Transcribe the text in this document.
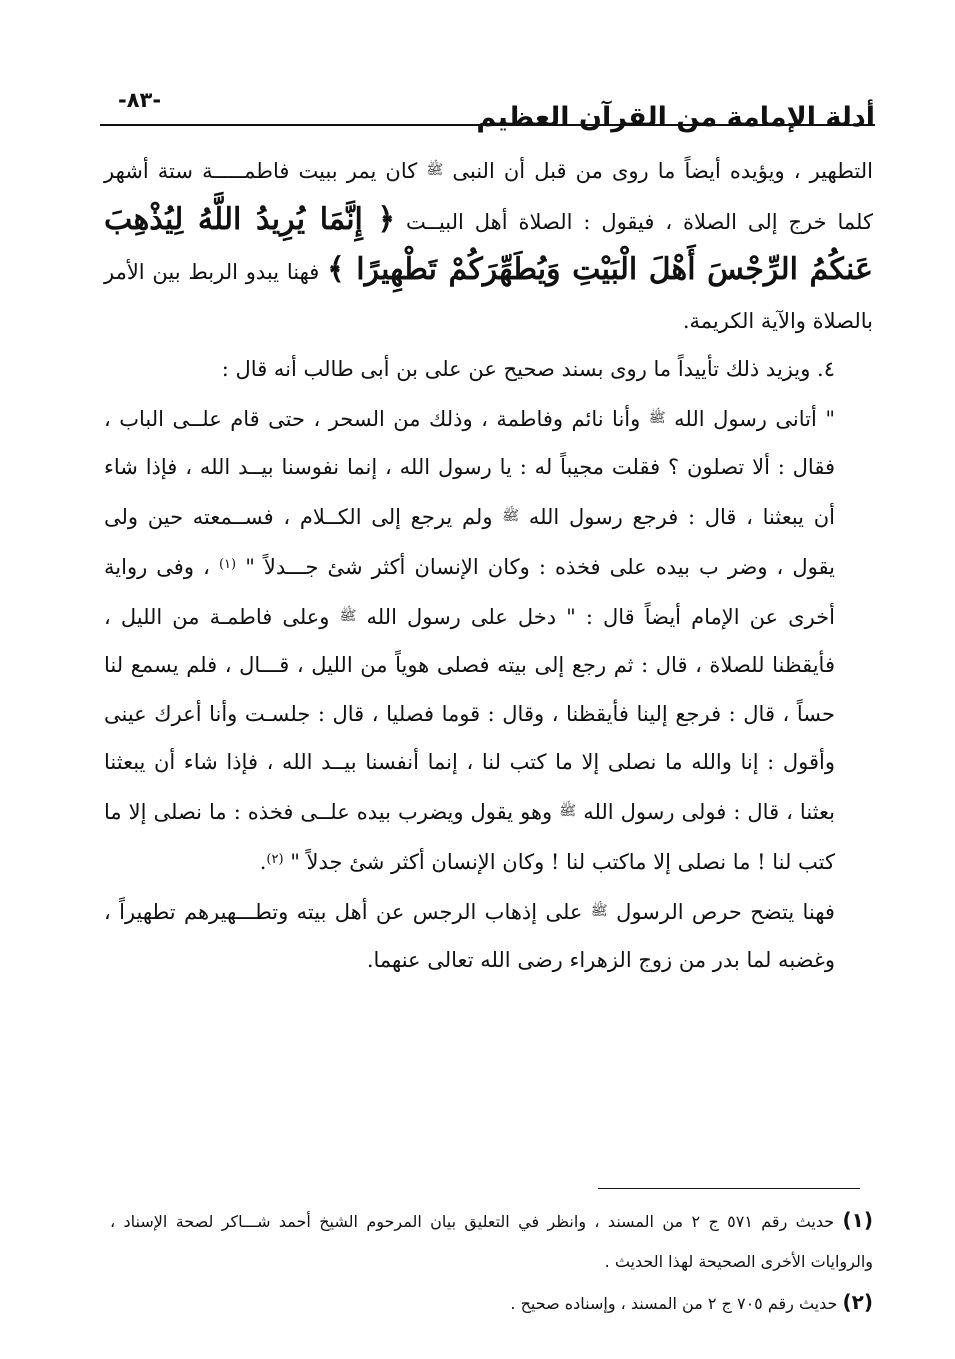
-٨٣-
أدلة الإمامة من القرآن العظيم

التطهير ، ويؤيده أيضاً ما روى من قبل أن النبى ﷺ كان يمر ببيت فاطمـــــة ستة أشهر كلما خرج إلى الصلاة ، فيقول : الصلاة أهل البيــت ﴿ إِنَّمَا يُرِيدُ اللَّهُ لِيُذْهِبَ عَنكُمُ الرِّجْسَ أَهْلَ الْبَيْتِ وَيُطَهِّرَكُمْ تَطْهِيرًا ﴾ فهنا يبدو الربط بين الأمر بالصلاة والآية الكريمة.

٤. ويزيد ذلك تأييداً ما روى بسند صحيح عن على بن أبى طالب أنه قال :

" أتانى رسول الله ﷺ وأنا نائم وفاطمة ، وذلك من السحر ، حتى قام علــى الباب ، فقال : ألا تصلون ؟ فقلت مجيباً له : يا رسول الله ، إنما نفوسنا بيــد الله ، فإذا شاء أن يبعثنا ، قال : فرجع رسول الله ﷺ ولم يرجع إلى الكــلام ، فســمعته حين ولى يقول ، وضر ب بيده على فخذه : وكان الإنسان أكثر شئ جـــدلاً " $^{(١)}$ ، وفى رواية أخرى عن الإمام أيضاً قال : " دخل على رسول الله ﷺ وعلى فاطمـة من الليل ، فأيقظنا للصلاة ، قال : ثم رجع إلى بيته فصلى هوياً من الليل ، قـــال ، فلم يسمع لنا حساً ، قال : فرجع إلينا فأيقظنا ، وقال : قوما فصليا ، قال : جلسـت وأنا أعرك عينى وأقول : إنا والله ما نصلى إلا ما كتب لنا ، إنما أنفسنا بيــد الله ، فإذا شاء أن يبعثنا بعثنا ، قال : فولى رسول الله ﷺ وهو يقول ويضرب بيده علــى فخذه : ما نصلى إلا ما كتب لنا ! ما نصلى إلا ماكتب لنا ! وكان الإنسان أكثر شئ جدلاً " $^{(٢)}$.

فهنا يتضح حرص الرسول ﷺ على إذهاب الرجس عن أهل بيته وتطـــهيرهم تطهيراً ، وغضبه لما بدر من زوج الزهراء رضى الله تعالى عنهما.

(١) حديث رقم ٥٧١ ج ٢ من المسند ، وانظر في التعليق بيان المرحوم الشيخ أحمد شـــاكر لصحة الإسناد ، والروايات الأخرى الصحيحة لهذا الحديث .

(٢) حديث رقم ٧٠٥ ج ٢ من المسند ، وإسناده صحيح .
